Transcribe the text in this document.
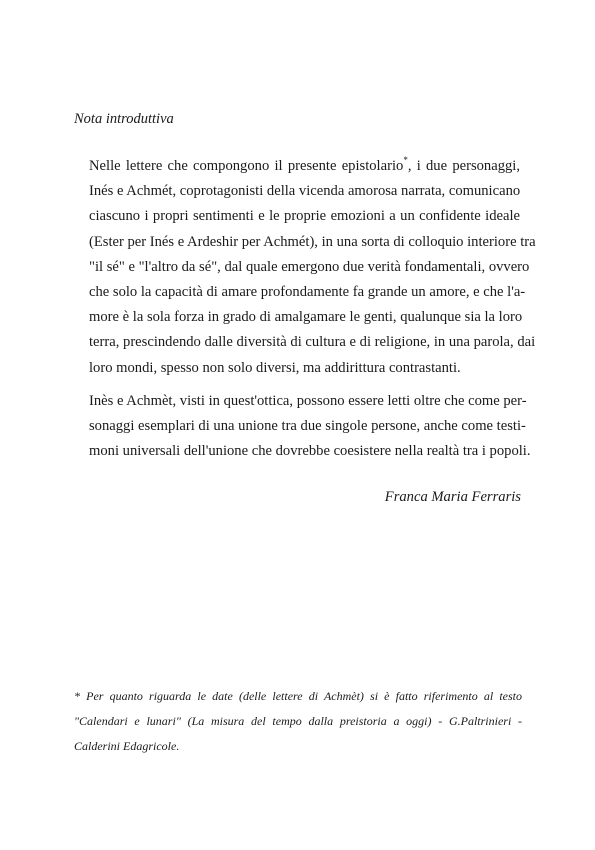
Nota introduttiva

Nelle lettere che compongono il presente epistolario*, i due personaggi,
Inés e Achmét, coprotagonisti della vicenda amorosa narrata, comunicano
ciascuno i propri sentimenti e le proprie emozioni a un confidente ideale
(Ester per Inés e Ardeshir per Achmét), in una sorta di colloquio interiore tra
"il sé" e "l'altro da sé", dal quale emergono due verità fondamentali, ovvero
che solo la capacità di amare profondamente fa grande un amore, e che l'a-
more è la sola forza in grado di amalgamare le genti, qualunque sia la loro
terra, prescindendo dalle diversità di cultura e di religione, in una parola, dai
loro mondi, spesso non solo diversi, ma addirittura contrastanti.
Inès e Achmèt, visti in quest'ottica, possono essere letti oltre che come per-
sonaggi esemplari di una unione tra due singole persone, anche come testi-
moni universali dell'unione che dovrebbe coesistere nella realtà tra i popoli.

Franca Maria Ferraris

* Per quanto riguarda le date (delle lettere di Achmèt) si è fatto riferimento al testo
"Calendari e lunari" (La misura del tempo dalla preistoria a oggi) - G.Paltrinieri -
Calderini Edagricole.
